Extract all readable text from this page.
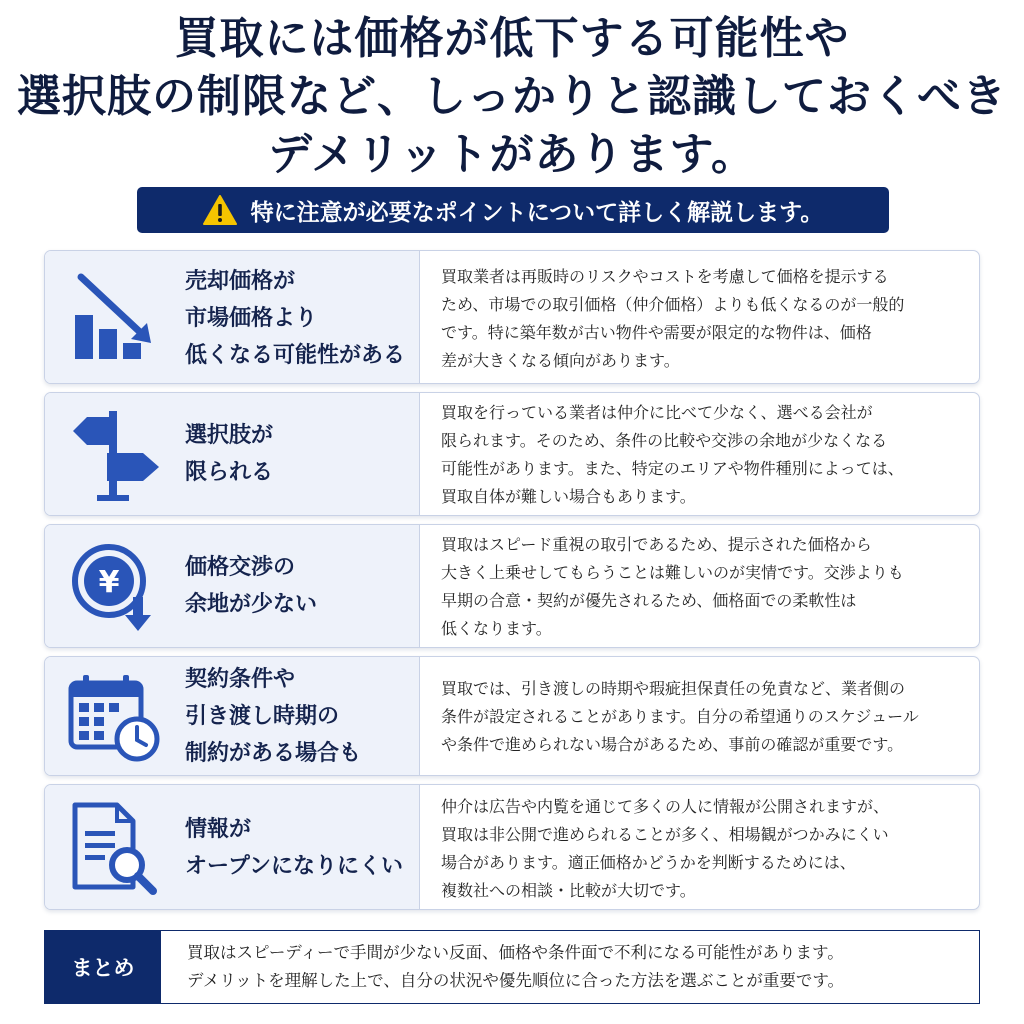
買取には価格が低下する可能性や
選択肢の制限など、しっかりと認識しておくべき
デメリットがあります。
特に注意が必要なポイントについて詳しく解説します。
売却価格が
市場価格より
低くなる可能性がある
買取業者は再販時のリスクやコストを考慮して価格を提示する
ため、市場での取引価格（仲介価格）よりも低くなるのが一般的
です。特に築年数が古い物件や需要が限定的な物件は、価格
差が大きくなる傾向があります。
選択肢が
限られる
買取を行っている業者は仲介に比べて少なく、選べる会社が
限られます。そのため、条件の比較や交渉の余地が少なくなる
可能性があります。また、特定のエリアや物件種別によっては、
買取自体が難しい場合もあります。
¥	価格交渉の
余地が少ない
買取はスピード重視の取引であるため、提示された価格から
大きく上乗せしてもらうことは難しいのが実情です。交渉よりも
早期の合意・契約が優先されるため、価格面での柔軟性は
低くなります。
契約条件や
引き渡し時期の
制約がある場合も
買取では、引き渡しの時期や瑕疵担保責任の免責など、業者側の
条件が設定されることがあります。自分の希望通りのスケジュール
や条件で進められない場合があるため、事前の確認が重要です。
情報が
オープンになりにくい
仲介は広告や内覧を通じて多くの人に情報が公開されますが、
買取は非公開で進められることが多く、相場観がつかみにくい
場合があります。適正価格かどうかを判断するためには、
複数社への相談・比較が大切です。
まとめ
買取はスピーディーで手間が少ない反面、価格や条件面で不利になる可能性があります。
デメリットを理解した上で、自分の状況や優先順位に合った方法を選ぶことが重要です。
